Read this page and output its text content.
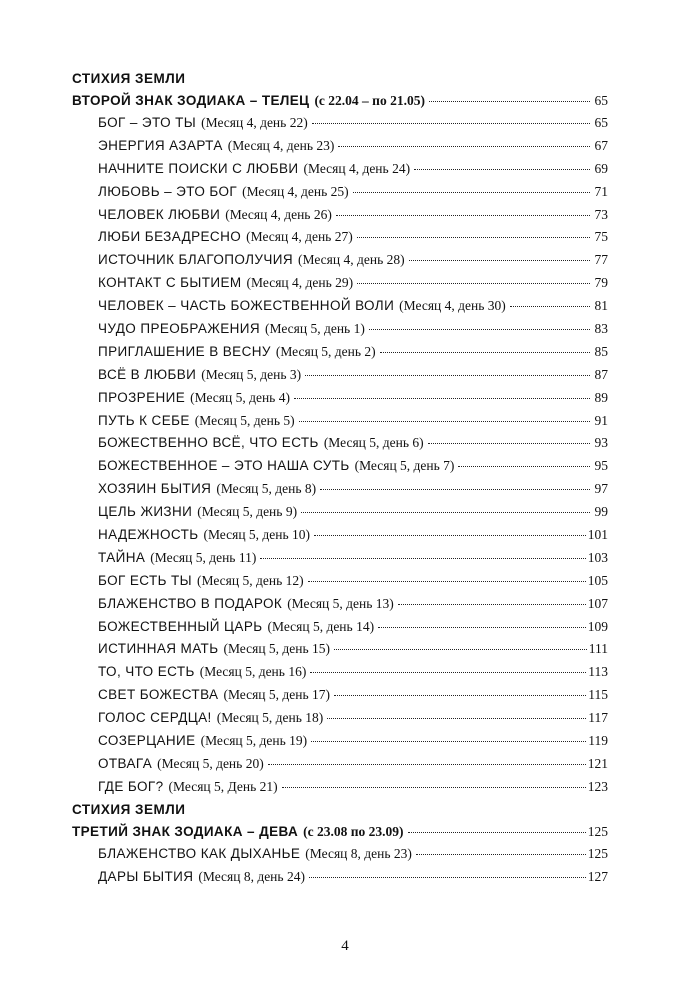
СТИХИЯ ЗЕМЛИ
ВТОРОЙ ЗНАК ЗОДИАКА – ТЕЛЕЦ (с 22.04 – по 21.05)	65
БОГ – ЭТО ТЫ (Месяц 4, день 22)	65
ЭНЕРГИЯ АЗАРТА (Месяц 4, день 23)	67
НАЧНИТЕ ПОИСКИ С ЛЮБВИ (Месяц 4, день 24)	69
ЛЮБОВЬ – ЭТО БОГ (Месяц 4, день 25)	71
ЧЕЛОВЕК ЛЮБВИ (Месяц 4, день 26)	73
ЛЮБИ БЕЗАДРЕСНО (Месяц 4, день 27)	75
ИСТОЧНИК БЛАГОПОЛУЧИЯ (Месяц 4, день 28)	77
КОНТАКТ С БЫТИЕМ (Месяц 4, день 29)	79
ЧЕЛОВЕК – ЧАСТЬ БОЖЕСТВЕННОЙ ВОЛИ (Месяц 4, день 30)	81
ЧУДО ПРЕОБРАЖЕНИЯ (Месяц 5, день 1)	83
ПРИГЛАШЕНИЕ В ВЕСНУ (Месяц 5, день 2)	85
ВСЁ В ЛЮБВИ (Месяц 5, день 3)	87
ПРОЗРЕНИЕ (Месяц 5, день 4)	89
ПУТЬ К СЕБЕ (Месяц 5, день 5)	91
БОЖЕСТВЕННО ВСЁ, ЧТО ЕСТЬ (Месяц 5, день 6)	93
БОЖЕСТВЕННОЕ – ЭТО НАША СУТЬ (Месяц 5, день 7)	95
ХОЗЯИН БЫТИЯ (Месяц 5, день 8)	97
ЦЕЛЬ ЖИЗНИ (Месяц 5, день 9)	99
НАДЕЖНОСТЬ (Месяц 5, день 10)	101
ТАЙНА (Месяц 5, день 11)	103
БОГ ЕСТЬ ТЫ (Месяц 5, день 12)	105
БЛАЖЕНСТВО В ПОДАРОК (Месяц 5, день 13)	107
БОЖЕСТВЕННЫЙ ЦАРЬ (Месяц 5, день 14)	109
ИСТИННАЯ МАТЬ (Месяц 5, день 15)	111
ТО, ЧТО ЕСТЬ (Месяц 5, день 16)	113
СВЕТ БОЖЕСТВА (Месяц 5, день 17)	115
ГОЛОС СЕРДЦА! (Месяц 5, день 18)	117
СОЗЕРЦАНИЕ (Месяц 5, день 19)	119
ОТВАГА (Месяц 5, день 20)	121
ГДЕ БОГ? (Месяц 5, День 21)	123
СТИХИЯ ЗЕМЛИ
ТРЕТИЙ ЗНАК ЗОДИАКА – ДЕВА (с 23.08 по 23.09)	125
БЛАЖЕНСТВО КАК ДЫХАНЬЕ (Месяц 8, день 23)	125
ДАРЫ БЫТИЯ (Месяц 8, день 24)	127
4
